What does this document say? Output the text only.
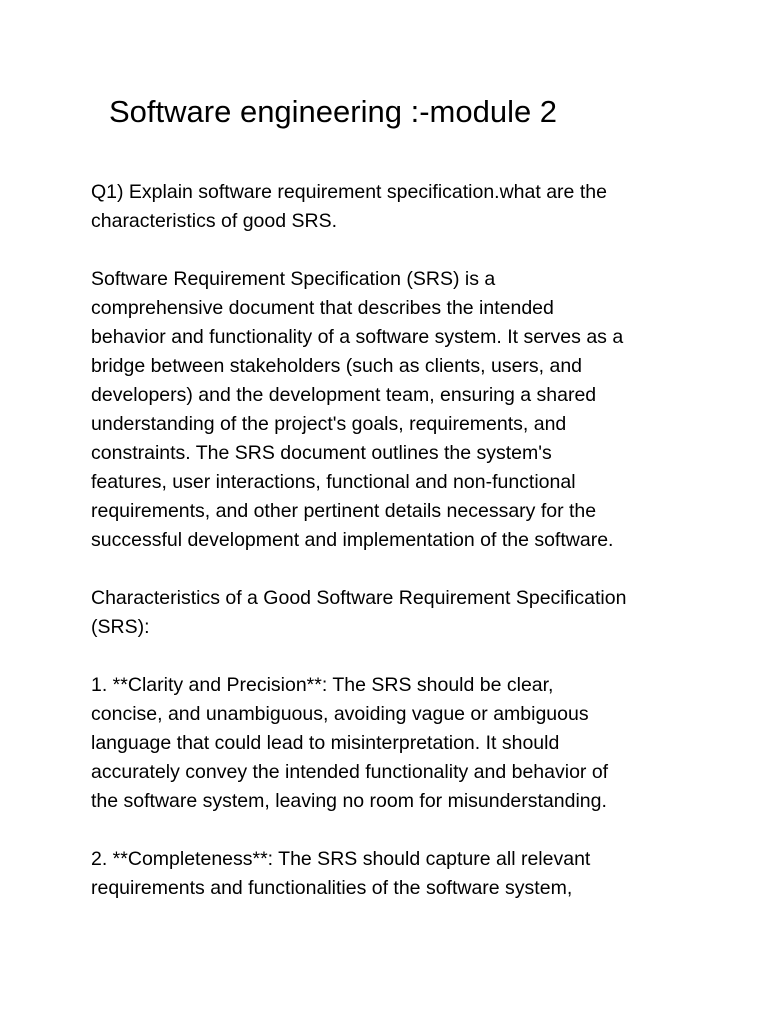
Software engineering :-module 2

Q1) Explain software requirement specification.what are the
characteristics of good SRS.

Software Requirement Specification (SRS) is a
comprehensive document that describes the intended
behavior and functionality of a software system. It serves as a
bridge between stakeholders (such as clients, users, and
developers) and the development team, ensuring a shared
understanding of the project's goals, requirements, and
constraints. The SRS document outlines the system's
features, user interactions, functional and non-functional
requirements, and other pertinent details necessary for the
successful development and implementation of the software.

Characteristics of a Good Software Requirement Specification
(SRS):

1. **Clarity and Precision**: The SRS should be clear,
concise, and unambiguous, avoiding vague or ambiguous
language that could lead to misinterpretation. It should
accurately convey the intended functionality and behavior of
the software system, leaving no room for misunderstanding.

2. **Completeness**: The SRS should capture all relevant
requirements and functionalities of the software system,
